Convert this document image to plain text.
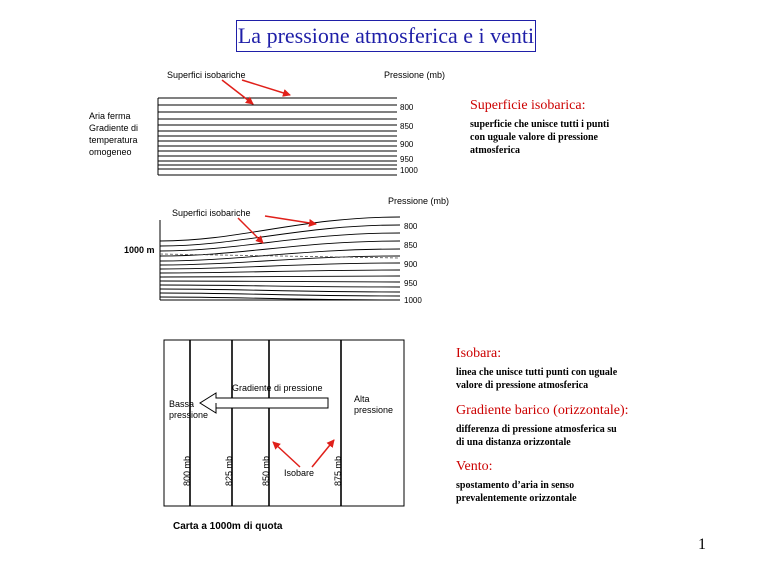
La pressione atmosferica e i venti
Superfici isobariche	Pressione (mb)
Aria ferma
Gradiente di
temperatura
omogeneo
800
850
900
950
1000
Pressione (mb)
Superfici isobariche
1000 m
800
850
900
950
1000
Bassa
pressione
Alta
pressione
Gradiente di pressione
Isobare
800 mb	825 mb	850 mb	875 mb
Carta a 1000m di quota
Superficie isobarica:
superficie che unisce tutti i punti
con uguale valore di pressione
atmosferica
Isobara:
linea che unisce tutti punti con uguale
valore di pressione atmosferica
Gradiente barico (orizzontale):
differenza di pressione atmosferica su
di una distanza orizzontale
Vento:
spostamento d’aria in senso
prevalentemente orizzontale
1
